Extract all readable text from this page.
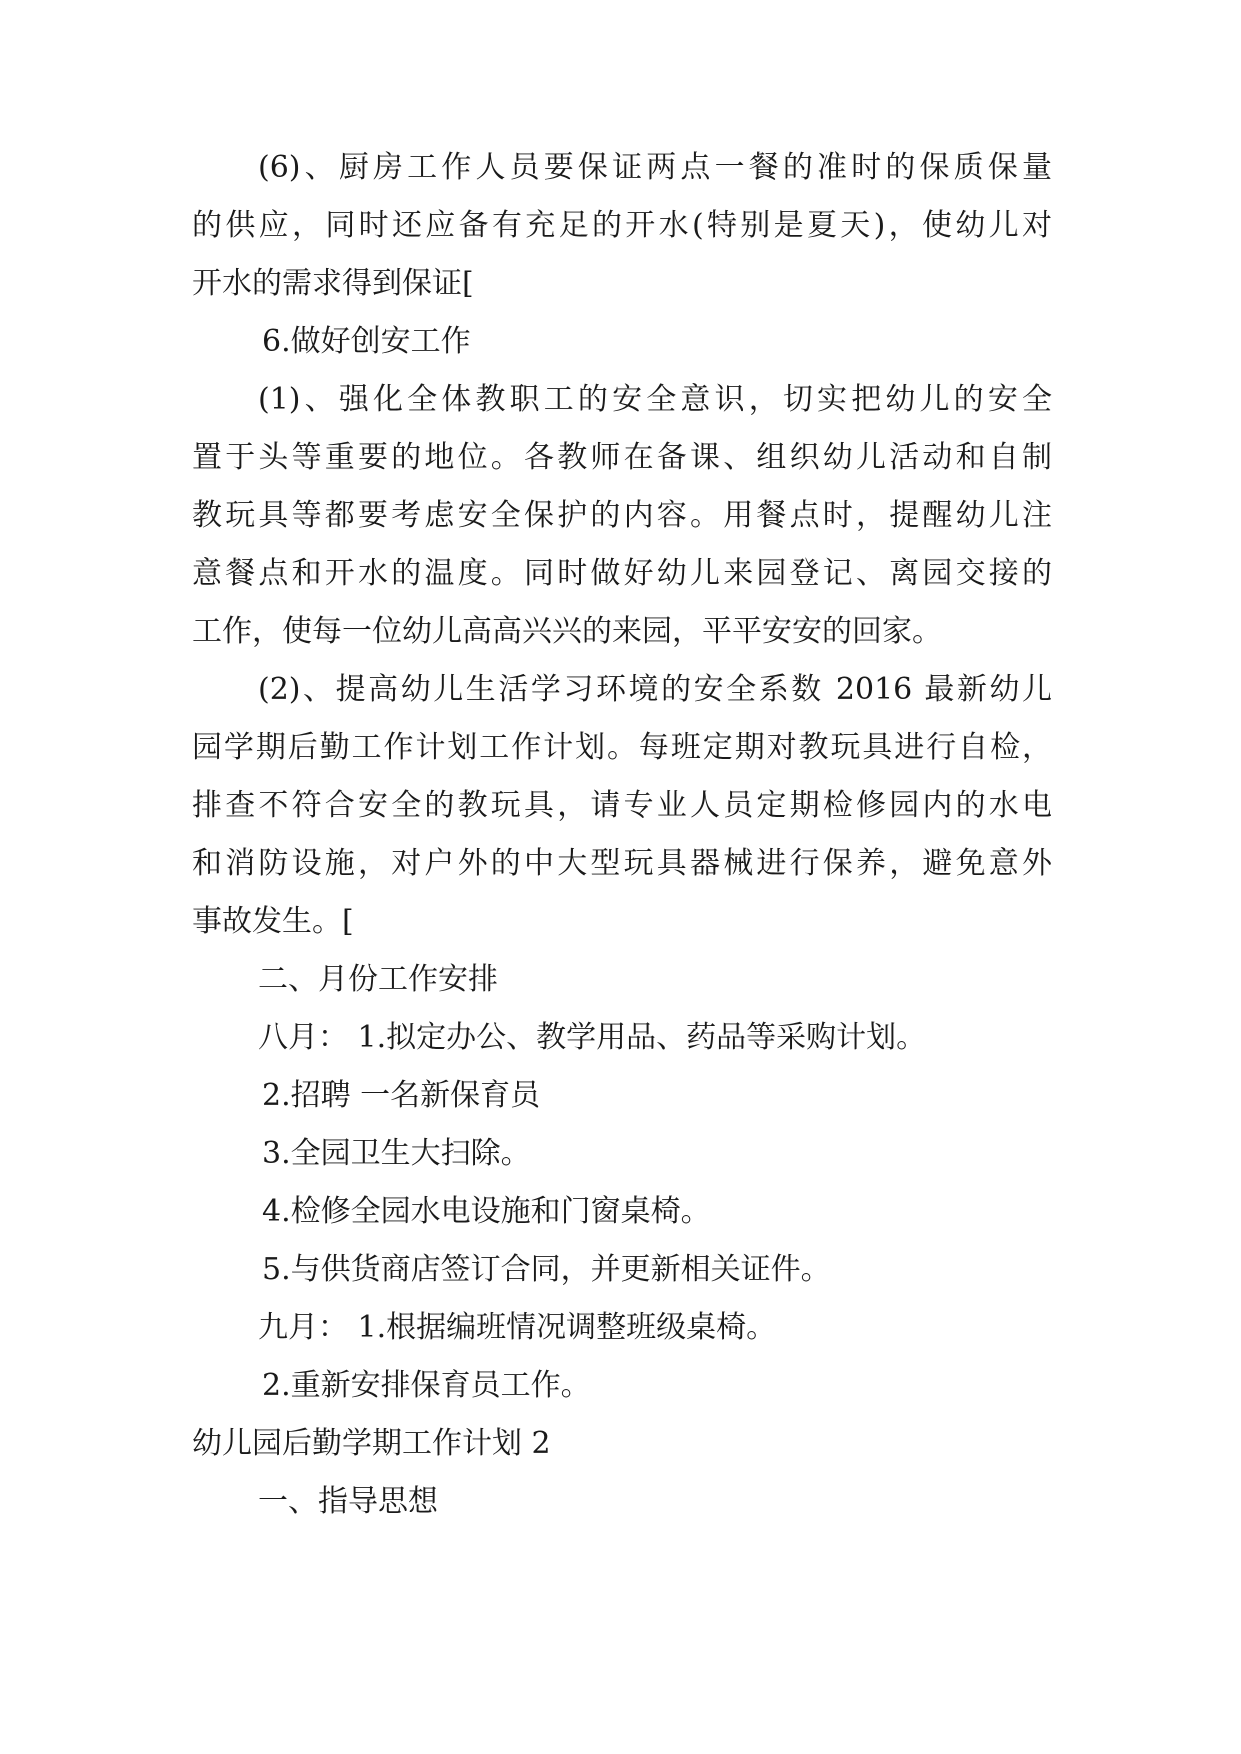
(6)、厨房工作人员要保证两点一餐的准时的保质保量
的供应，同时还应备有充足的开水(特别是夏天)，使幼儿对
开水的需求得到保证[
6.做好创安工作
(1)、强化全体教职工的安全意识，切实把幼儿的安全
置于头等重要的地位。各教师在备课、组织幼儿活动和自制
教玩具等都要考虑安全保护的内容。用餐点时，提醒幼儿注
意餐点和开水的温度。同时做好幼儿来园登记、离园交接的
工作，使每一位幼儿高高兴兴的来园，平平安安的回家。
(2)、提高幼儿生活学习环境的安全系数 2016 最新幼儿
园学期后勤工作计划工作计划。每班定期对教玩具进行自检，
排查不符合安全的教玩具，请专业人员定期检修园内的水电
和消防设施，对户外的中大型玩具器械进行保养，避免意外
事故发生。[
二、月份工作安排
八月： 1.拟定办公、教学用品、药品等采购计划。
2.招聘 一名新保育员
3.全园卫生大扫除。
4.检修全园水电设施和门窗桌椅。
5.与供货商店签订合同，并更新相关证件。
九月： 1.根据编班情况调整班级桌椅。
2.重新安排保育员工作。
幼儿园后勤学期工作计划 2
一、指导思想
